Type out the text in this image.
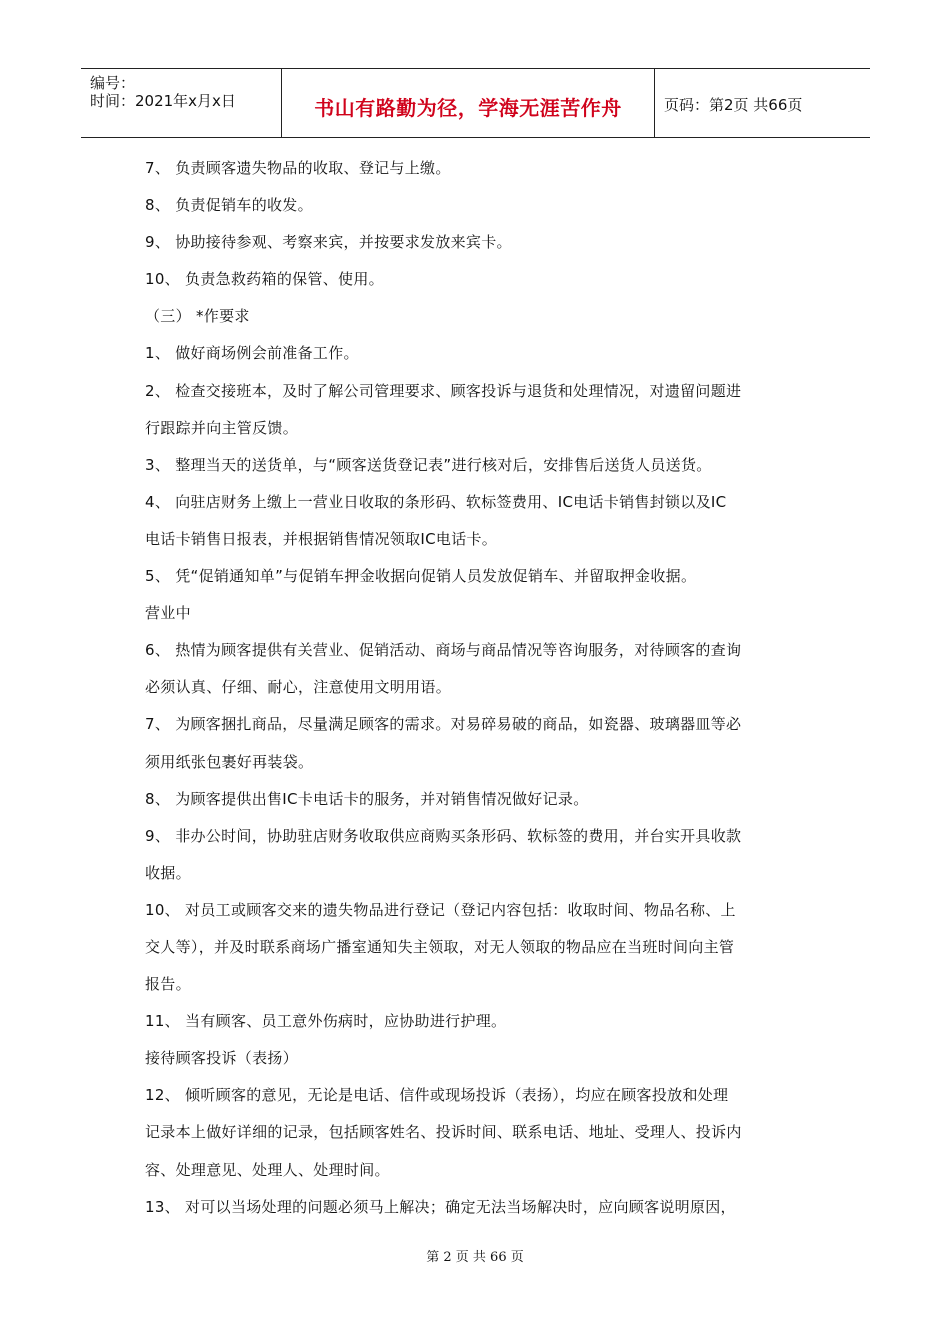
编号：
时间：2021年x月x日	书山有路勤为径，学海无涯苦作舟	页码：第2页 共66页
7、 负责顾客遗失物品的收取、登记与上缴。
8、 负责促销车的收发。
9、 协助接待参观、考察来宾，并按要求发放来宾卡。
10、 负责急救药箱的保管、使用。
（三） *作要求
1、 做好商场例会前准备工作。
2、 检查交接班本，及时了解公司管理要求、顾客投诉与退货和处理情况，对遗留问题进
行跟踪并向主管反馈。
3、 整理当天的送货单，与“顾客送货登记表”进行核对后，安排售后送货人员送货。
4、 向驻店财务上缴上一营业日收取的条形码、软标签费用、IC电话卡销售封锁以及IC
电话卡销售日报表，并根据销售情况领取IC电话卡。
5、 凭“促销通知单”与促销车押金收据向促销人员发放促销车、并留取押金收据。
营业中
6、 热情为顾客提供有关营业、促销活动、商场与商品情况等咨询服务，对待顾客的查询
必须认真、仔细、耐心，注意使用文明用语。
7、 为顾客捆扎商品，尽量满足顾客的需求。对易碎易破的商品，如瓷器、玻璃器皿等必
须用纸张包裹好再装袋。
8、 为顾客提供出售IC卡电话卡的服务，并对销售情况做好记录。
9、 非办公时间，协助驻店财务收取供应商购买条形码、软标签的费用，并台实开具收款
收据。
10、 对员工或顾客交来的遗失物品进行登记（登记内容包括：收取时间、物品名称、上
交人等），并及时联系商场广播室通知失主领取，对无人领取的物品应在当班时间向主管
报告。
11、 当有顾客、员工意外伤病时，应协助进行护理。
接待顾客投诉（表扬）
12、 倾听顾客的意见，无论是电话、信件或现场投诉（表扬），均应在顾客投放和处理
记录本上做好详细的记录，包括顾客姓名、投诉时间、联系电话、地址、受理人、投诉内
容、处理意见、处理人、处理时间。
13、 对可以当场处理的问题必须马上解决；确定无法当场解决时，应向顾客说明原因，
第 2 页 共 66 页
